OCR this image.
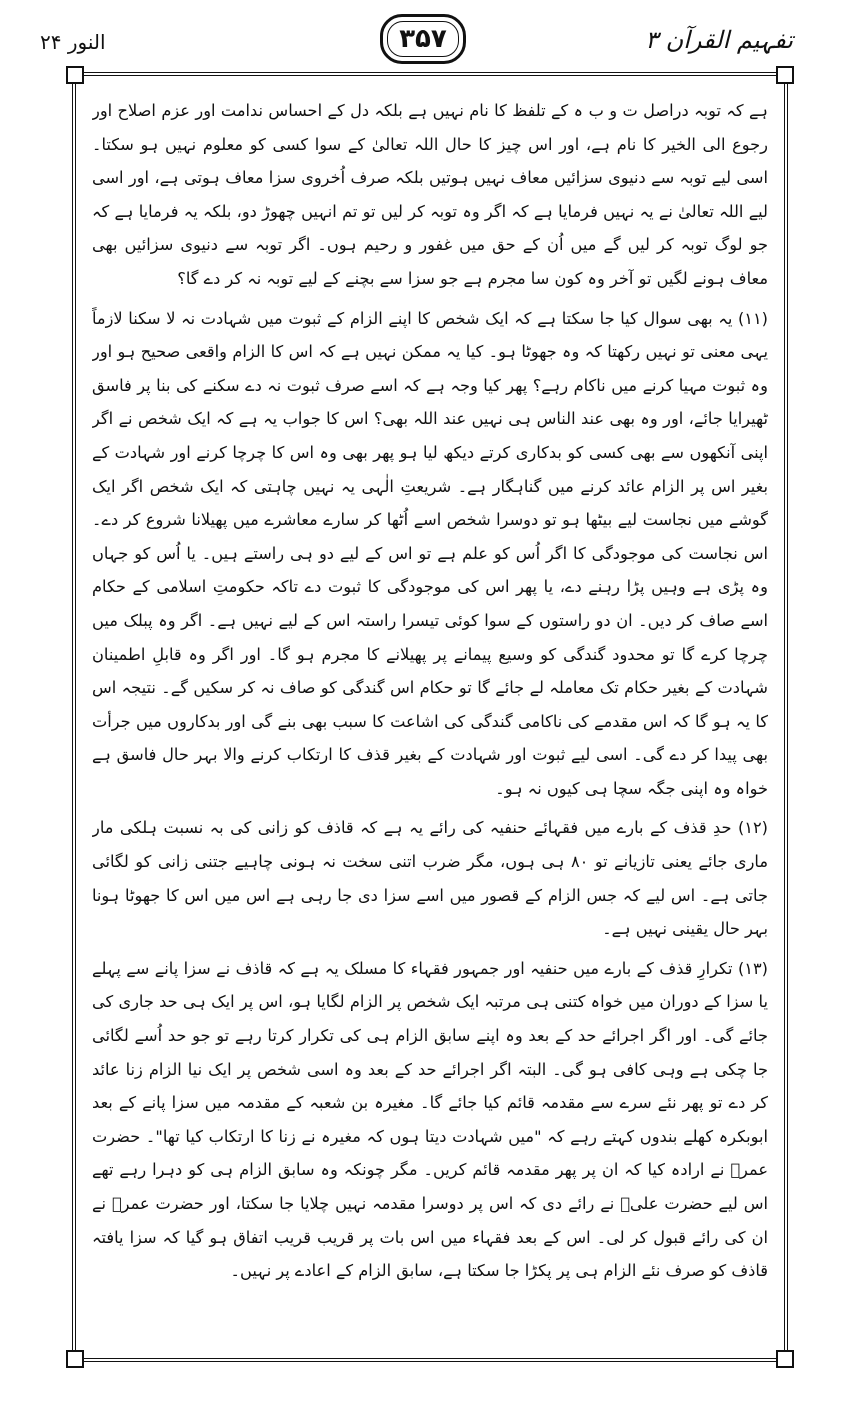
النور ۲۴	۳۵۷	تفہیم القرآن ۳

ہے کہ توبہ دراصل ت و ب ہ کے تلفظ کا نام نہیں ہے بلکہ دل کے احساس ندامت اور عزم اصلاح اور رجوع الی الخیر کا نام ہے، اور اس چیز کا حال اللہ تعالیٰ کے سوا کسی کو معلوم نہیں ہو سکتا۔ اسی لیے توبہ سے دنیوی سزائیں معاف نہیں ہوتیں بلکہ صرف اُخروی سزا معاف ہوتی ہے، اور اسی لیے اللہ تعالیٰ نے یہ نہیں فرمایا ہے کہ اگر وہ توبہ کر لیں تو تم انہیں چھوڑ دو، بلکہ یہ فرمایا ہے کہ جو لوگ توبہ کر لیں گے میں اُن کے حق میں غفور و رحیم ہوں۔ اگر توبہ سے دنیوی سزائیں بھی معاف ہونے لگیں تو آخر وہ کون سا مجرم ہے جو سزا سے بچنے کے لیے توبہ نہ کر دے گا؟

(۱۱) یہ بھی سوال کیا جا سکتا ہے کہ ایک شخص کا اپنے الزام کے ثبوت میں شہادت نہ لا سکنا لازماً یہی معنی تو نہیں رکھتا کہ وہ جھوٹا ہو۔ کیا یہ ممکن نہیں ہے کہ اس کا الزام واقعی صحیح ہو اور وہ ثبوت مہیا کرنے میں ناکام رہے؟ پھر کیا وجہ ہے کہ اسے صرف ثبوت نہ دے سکنے کی بنا پر فاسق ٹھیرایا جائے، اور وہ بھی عند الناس ہی نہیں عند اللہ بھی؟ اس کا جواب یہ ہے کہ ایک شخص نے اگر اپنی آنکھوں سے بھی کسی کو بدکاری کرتے دیکھ لیا ہو پھر بھی وہ اس کا چرچا کرنے اور شہادت کے بغیر اس پر الزام عائد کرنے میں گناہگار ہے۔ شریعتِ الٰہی یہ نہیں چاہتی کہ ایک شخص اگر ایک گوشے میں نجاست لیے بیٹھا ہو تو دوسرا شخص اسے اُٹھا کر سارے معاشرے میں پھیلانا شروع کر دے۔ اس نجاست کی موجودگی کا اگر اُس کو علم ہے تو اس کے لیے دو ہی راستے ہیں۔ یا اُس کو جہاں وہ پڑی ہے وہیں پڑا رہنے دے، یا پھر اس کی موجودگی کا ثبوت دے تاکہ حکومتِ اسلامی کے حکام اسے صاف کر دیں۔ ان دو راستوں کے سوا کوئی تیسرا راستہ اس کے لیے نہیں ہے۔ اگر وہ پبلک میں چرچا کرے گا تو محدود گندگی کو وسیع پیمانے پر پھیلانے کا مجرم ہو گا۔ اور اگر وہ قابلِ اطمینان شہادت کے بغیر حکام تک معاملہ لے جائے گا تو حکام اس گندگی کو صاف نہ کر سکیں گے۔ نتیجہ اس کا یہ ہو گا کہ اس مقدمے کی ناکامی گندگی کی اشاعت کا سبب بھی بنے گی اور بدکاروں میں جرأت بھی پیدا کر دے گی۔ اسی لیے ثبوت اور شہادت کے بغیر قذف کا ارتکاب کرنے والا بہر حال فاسق ہے خواہ وہ اپنی جگہ سچا ہی کیوں نہ ہو۔

(۱۲) حدِ قذف کے بارے میں فقہائے حنفیہ کی رائے یہ ہے کہ قاذف کو زانی کی بہ نسبت ہلکی مار ماری جائے یعنی تازیانے تو ۸۰ ہی ہوں، مگر ضرب اتنی سخت نہ ہونی چاہیے جتنی زانی کو لگائی جاتی ہے۔ اس لیے کہ جس الزام کے قصور میں اسے سزا دی جا رہی ہے اس میں اس کا جھوٹا ہونا بہر حال یقینی نہیں ہے۔

(۱۳) تکرارِ قذف کے بارے میں حنفیہ اور جمہور فقہاء کا مسلک یہ ہے کہ قاذف نے سزا پانے سے پہلے یا سزا کے دوران میں خواہ کتنی ہی مرتبہ ایک شخص پر الزام لگایا ہو، اس پر ایک ہی حد جاری کی جائے گی۔ اور اگر اجرائے حد کے بعد وہ اپنے سابق الزام ہی کی تکرار کرتا رہے تو جو حد اُسے لگائی جا چکی ہے وہی کافی ہو گی۔ البتہ اگر اجرائے حد کے بعد وہ اسی شخص پر ایک نیا الزام زنا عائد کر دے تو پھر نئے سرے سے مقدمہ قائم کیا جائے گا۔ مغیرہ بن شعبہ کے مقدمہ میں سزا پانے کے بعد ابوبکرہ کھلے بندوں کہتے رہے کہ "میں شہادت دیتا ہوں کہ مغیرہ نے زنا کا ارتکاب کیا تھا"۔ حضرت عمرؓ نے ارادہ کیا کہ ان پر پھر مقدمہ قائم کریں۔ مگر چونکہ وہ سابق الزام ہی کو دہرا رہے تھے اس لیے حضرت علیؓ نے رائے دی کہ اس پر دوسرا مقدمہ نہیں چلایا جا سکتا، اور حضرت عمرؓ نے ان کی رائے قبول کر لی۔ اس کے بعد فقہاء میں اس بات پر قریب قریب اتفاق ہو گیا کہ سزا یافتہ قاذف کو صرف نئے الزام ہی پر پکڑا جا سکتا ہے، سابق الزام کے اعادے پر نہیں۔
